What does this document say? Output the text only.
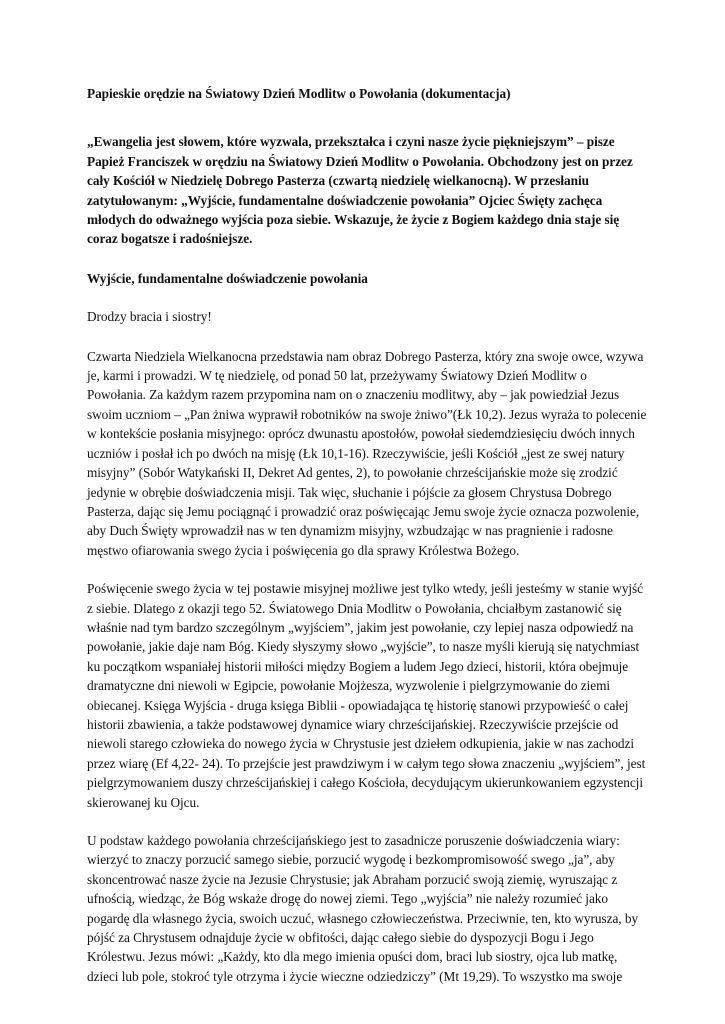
Papieskie orędzie na Światowy Dzień Modlitw o Powołania (dokumentacja)

„Ewangelia jest słowem, które wyzwala, przekształca i czyni nasze życie piękniejszym” – pisze Papież Franciszek w orędziu na Światowy Dzień Modlitw o Powołania. Obchodzony jest on przez cały Kościół w Niedzielę Dobrego Pasterza (czwartą niedzielę wielkanocną). W przesłaniu zatytułowanym: „Wyjście, fundamentalne doświadczenie powołania” Ojciec Święty zachęca młodych do odważnego wyjścia poza siebie. Wskazuje, że życie z Bogiem każdego dnia staje się coraz bogatsze i radośniejsze.

Wyjście, fundamentalne doświadczenie powołania

Drodzy bracia i siostry!

Czwarta Niedziela Wielkanocna przedstawia nam obraz Dobrego Pasterza, który zna swoje owce, wzywa je, karmi i prowadzi. W tę niedzielę, od ponad 50 lat, przeżywamy Światowy Dzień Modlitw o Powołania. Za każdym razem przypomina nam on o znaczeniu modlitwy, aby – jak powiedział Jezus swoim uczniom – „Pan żniwa wyprawił robotników na swoje żniwo”(Łk 10,2). Jezus wyraża to polecenie w kontekście posłania misyjnego: oprócz dwunastu apostołów, powołał siedemdziesięciu dwóch innych uczniów i posłał ich po dwóch na misję (Łk 10,1-16). Rzeczywiście, jeśli Kościół „jest ze swej natury misyjny” (Sobór Watykański II, Dekret Ad gentes, 2), to powołanie chrześcijańskie może się zrodzić jedynie w obrębie doświadczenia misji. Tak więc, słuchanie i pójście za głosem Chrystusa Dobrego Pasterza, dając się Jemu pociągnąć i prowadzić oraz poświęcając Jemu swoje życie oznacza pozwolenie, aby Duch Święty wprowadził nas w ten dynamizm misyjny, wzbudzając w nas pragnienie i radosne męstwo ofiarowania swego życia i poświęcenia go dla sprawy Królestwa Bożego.

Poświęcenie swego życia w tej postawie misyjnej możliwe jest tylko wtedy, jeśli jesteśmy w stanie wyjść z siebie. Dlatego z okazji tego 52. Światowego Dnia Modlitw o Powołania, chciałbym zastanowić się właśnie nad tym bardzo szczególnym „wyjściem”, jakim jest powołanie, czy lepiej nasza odpowiedź na powołanie, jakie daje nam Bóg. Kiedy słyszymy słowo „wyjście”, to nasze myśli kierują się natychmiast ku początkom wspaniałej historii miłości między Bogiem a ludem Jego dzieci, historii, która obejmuje dramatyczne dni niewoli w Egipcie, powołanie Mojżesza, wyzwolenie i pielgrzymowanie do ziemi obiecanej. Księga Wyjścia - druga księga Biblii - opowiadająca tę historię stanowi przypowieść o całej historii zbawienia, a także podstawowej dynamice wiary chrześcijańskiej. Rzeczywiście przejście od niewoli starego człowieka do nowego życia w Chrystusie jest dziełem odkupienia, jakie w nas zachodzi przez wiarę (Ef 4,22- 24). To przejście jest prawdziwym i w całym tego słowa znaczeniu „wyjściem”, jest pielgrzymowaniem duszy chrześcijańskiej i całego Kościoła, decydującym ukierunkowaniem egzystencji skierowanej ku Ojcu.

U podstaw każdego powołania chrześcijańskiego jest to zasadnicze poruszenie doświadczenia wiary: wierzyć to znaczy porzucić samego siebie, porzucić wygodę i bezkompromisowość swego „ja”, aby skoncentrować nasze życie na Jezusie Chrystusie; jak Abraham porzucić swoją ziemię, wyruszając z ufnością, wiedząc, że Bóg wskaże drogę do nowej ziemi. Tego „wyjścia” nie należy rozumieć jako pogardę dla własnego życia, swoich uczuć, własnego człowieczeństwa. Przeciwnie, ten, kto wyrusza, by pójść za Chrystusem odnajduje życie w obfitości, dając całego siebie do dyspozycji Bogu i Jego Królestwu. Jezus mówi: „Każdy, kto dla mego imienia opuści dom, braci lub siostry, ojca lub matkę, dzieci lub pole, stokroć tyle otrzyma i życie wieczne odziedziczy” (Mt 19,29). To wszystko ma swoje
